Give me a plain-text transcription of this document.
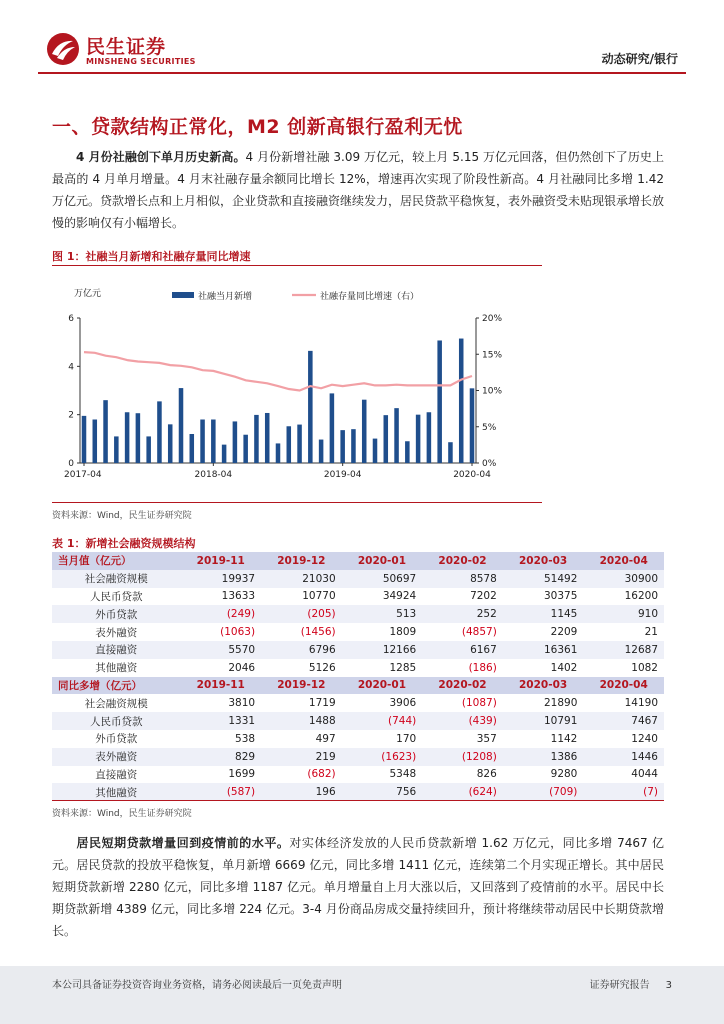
民生证券
MINSHENG SECURITIES	动态研究/银行
一、贷款结构正常化，M2 创新高银行盈利无忧
4 月份社融创下单月历史新高。4 月份新增社融 3.09 万亿元，较上月 5.15 万亿元回落，但仍然创下了历史上最高的 4 月单月增量。4 月末社融存量余额同比增长 12%，增速再次实现了阶段性新高。4 月社融同比多增 1.42 万亿元。贷款增长点和上月相似，企业贷款和直接融资继续发力，居民贷款平稳恢复，表外融资受未贴现银承增长放慢的影响仅有小幅增长。
图 1：社融当月新增和社融存量同比增速
万亿元
0
2
4
6
0%
5%
10%
15%
20%
2017-04	2018-04	2019-04	2020-04
社融当月新增	社融存量同比增速（右）
资料来源：Wind，民生证券研究院
表 1：新增社会融资规模结构
当月值（亿元）	2019-11	2019-12	2020-01	2020-02	2020-03	2020-04
社会融资规模	19937	21030	50697	8578	51492	30900
人民币贷款	13633	10770	34924	7202	30375	16200
外币贷款	(249)	(205)	513	252	1145	910
表外融资	(1063)	(1456)	1809	(4857)	2209	21
直接融资	5570	6796	12166	6167	16361	12687
其他融资	2046	5126	1285	(186)	1402	1082
同比多增（亿元）	2019-11	2019-12	2020-01	2020-02	2020-03	2020-04
社会融资规模	3810	1719	3906	(1087)	21890	14190
人民币贷款	1331	1488	(744)	(439)	10791	7467
外币贷款	538	497	170	357	1142	1240
表外融资	829	219	(1623)	(1208)	1386	1446
直接融资	1699	(682)	5348	826	9280	4044
其他融资	(587)	196	756	(624)	(709)	(7)
资料来源：Wind，民生证券研究院
居民短期贷款增量回到疫情前的水平。对实体经济发放的人民币贷款新增 1.62 万亿元，同比多增 7467 亿元。居民贷款的投放平稳恢复，单月新增 6669 亿元，同比多增 1411 亿元，连续第二个月实现正增长。其中居民短期贷款新增 2280 亿元，同比多增 1187 亿元。单月增量自上月大涨以后，又回落到了疫情前的水平。居民中长期贷款新增 4389 亿元，同比多增 224 亿元。3-4 月份商品房成交量持续回升，预计将继续带动居民中长期贷款增长。
本公司具备证券投资咨询业务资格，请务必阅读最后一页免责声明	证券研究报告 3
